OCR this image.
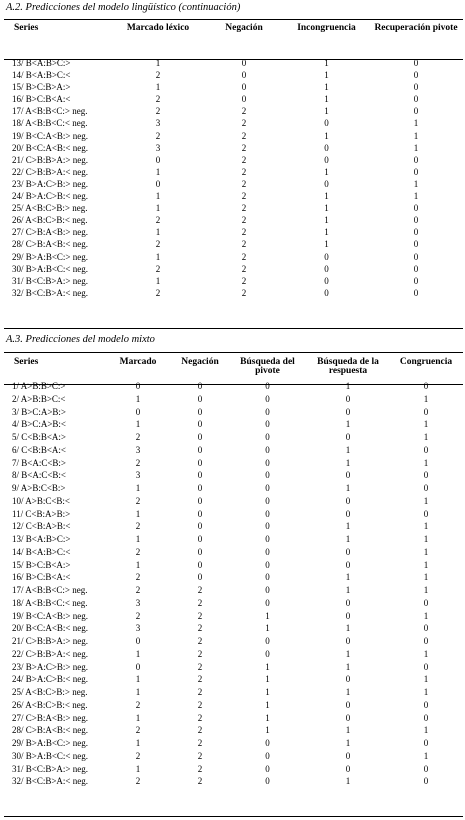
A.2. Predicciones del modelo lingüístico (continuación)
Series	Marcado léxico	Negación	Incongruencia	Recuperación pivote
13/ B<A:B>C:>	1	0	1	0
14/ B<A:B>C:<	2	0	1	0
15/ B>C:B>A:>	1	0	1	0
16/ B>C:B<A:<	2	0	1	0
17/ A<B:B<C:> neg.	2	2	1	0
18/ A<B:B<C:< neg.	3	2	0	1
19/ B<C:A<B:> neg.	2	2	1	1
20/ B<C:A<B:< neg.	3	2	0	1
21/ C>B:B>A:> neg.	0	2	0	0
22/ C>B:B>A:< neg.	1	2	1	0
23/ B>A:C>B:> neg.	0	2	0	1
24/ B>A:C>B:< neg.	1	2	1	1
25/ A<B:C>B:> neg.	1	2	1	0
26/ A<B:C>B:< neg.	2	2	1	0
27/ C>B:A<B:> neg.	1	2	1	0
28/ C>B:A<B:< neg.	2	2	1	0
29/ B>A:B<C:> neg.	1	2	0	0
30/ B>A:B<C:< neg.	2	2	0	0
31/ B<C:B>A:> neg.	1	2	0	0
32/ B<C:B>A:< neg.	2	2	0	0
A.3. Predicciones del modelo mixto
Series	Marcado	Negación	Búsqueda del pivote	Búsqueda de la respuesta	Congruencia
1/ A>B:B>C:>	0	0	0	1	0
2/ A>B:B>C:<	1	0	0	0	1
3/ B>C:A>B:>	0	0	0	0	0
4/ B>C:A>B:<	1	0	0	1	1
5/ C<B:B<A:>	2	0	0	0	1
6/ C<B:B<A:<	3	0	0	1	0
7/ B<A:C<B:>	2	0	0	1	1
8/ B<A:C<B:<	3	0	0	0	0
9/ A>B:C<B:>	1	0	0	1	0
10/ A>B:C<B:<	2	0	0	0	1
11/ C<B:A>B:>	1	0	0	0	0
12/ C<B:A>B:<	2	0	0	1	1
13/ B<A:B>C:>	1	0	0	1	1
14/ B<A:B>C:<	2	0	0	0	1
15/ B>C:B<A:>	1	0	0	0	1
16/ B>C:B<A:<	2	0	0	1	1
17/ A<B:B<C:> neg.	2	2	0	1	1
18/ A<B:B<C:< neg.	3	2	0	0	0
19/ B<C:A<B:> neg.	2	2	1	0	1
20/ B<C:A<B:< neg.	3	2	1	1	0
21/ C>B:B>A:> neg.	0	2	0	0	0
22/ C>B:B>A:< neg.	1	2	0	1	1
23/ B>A:C>B:> neg.	0	2	1	1	0
24/ B>A:C>B:< neg.	1	2	1	0	1
25/ A<B:C>B:> neg.	1	2	1	1	1
26/ A<B:C>B:< neg.	2	2	1	0	0
27/ C>B:A<B:> neg.	1	2	1	0	0
28/ C>B:A<B:< neg.	2	2	1	1	1
29/ B>A:B<C:> neg.	1	2	0	1	0
30/ B>A:B<C:< neg.	2	2	0	0	1
31/ B<C:B>A:> neg.	1	2	0	0	0
32/ B<C:B>A:< neg.	2	2	0	1	0
